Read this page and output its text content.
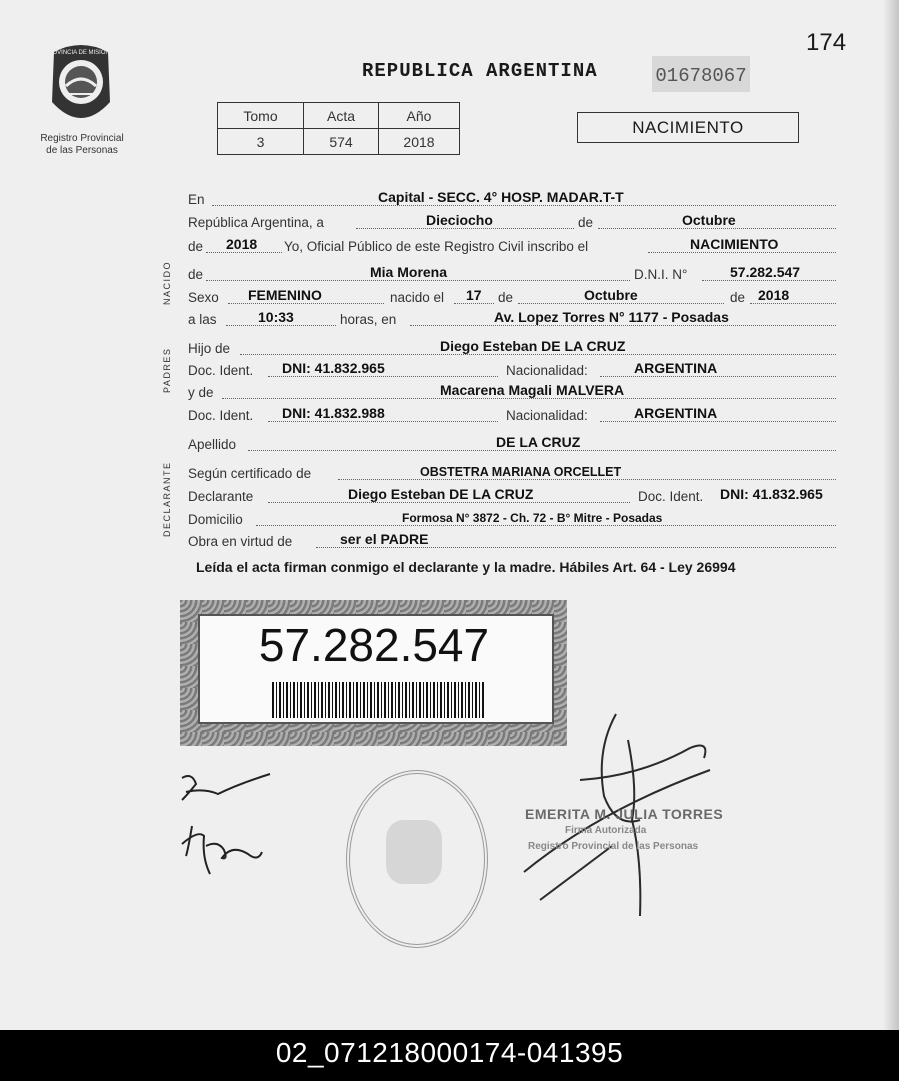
174
REPUBLICA ARGENTINA	01678067
PROVINCIA DE MISIONES
Registro Provincial
de las Personas
Tomo	Acta	Año
3	574	2018
NACIMIENTO
NACIDO
PADRES
DECLARANTE
En	Capital - SECC. 4° HOSP. MADAR.T-T
República Argentina, a	Dieciocho	de	Octubre
de 2018 Yo, Oficial Público de este Registro Civil inscribo el	NACIMIENTO
de	Mia Morena	D.N.I. N°	57.282.547
Sexo FEMENINO	nacido el 17 de	Octubre	de 2018
a las	10:33	horas, en	Av. Lopez Torres N° 1177 - Posadas
Hijo de	Diego Esteban DE LA CRUZ
Doc. Ident. DNI: 41.832.965	Nacionalidad:	ARGENTINA
y de	Macarena Magali MALVERA
Doc. Ident. DNI: 41.832.988	Nacionalidad:	ARGENTINA
Apellido	DE LA CRUZ
Según certificado de	OBSTETRA MARIANA ORCELLET
Declarante	Diego Esteban DE LA CRUZ	Doc. Ident. DNI: 41.832.965
Domicilio	Formosa N° 3872 - Ch. 72 - B° Mitre - Posadas
Obra en virtud de	ser el PADRE
Leída el acta firman conmigo el declarante y la madre. Hábiles Art. 64 - Ley 26994
57.282.547
EMERITA M. JULIA TORRES
Firma Autorizada
Registro Provincial de las Personas
02_071218000174-041395
